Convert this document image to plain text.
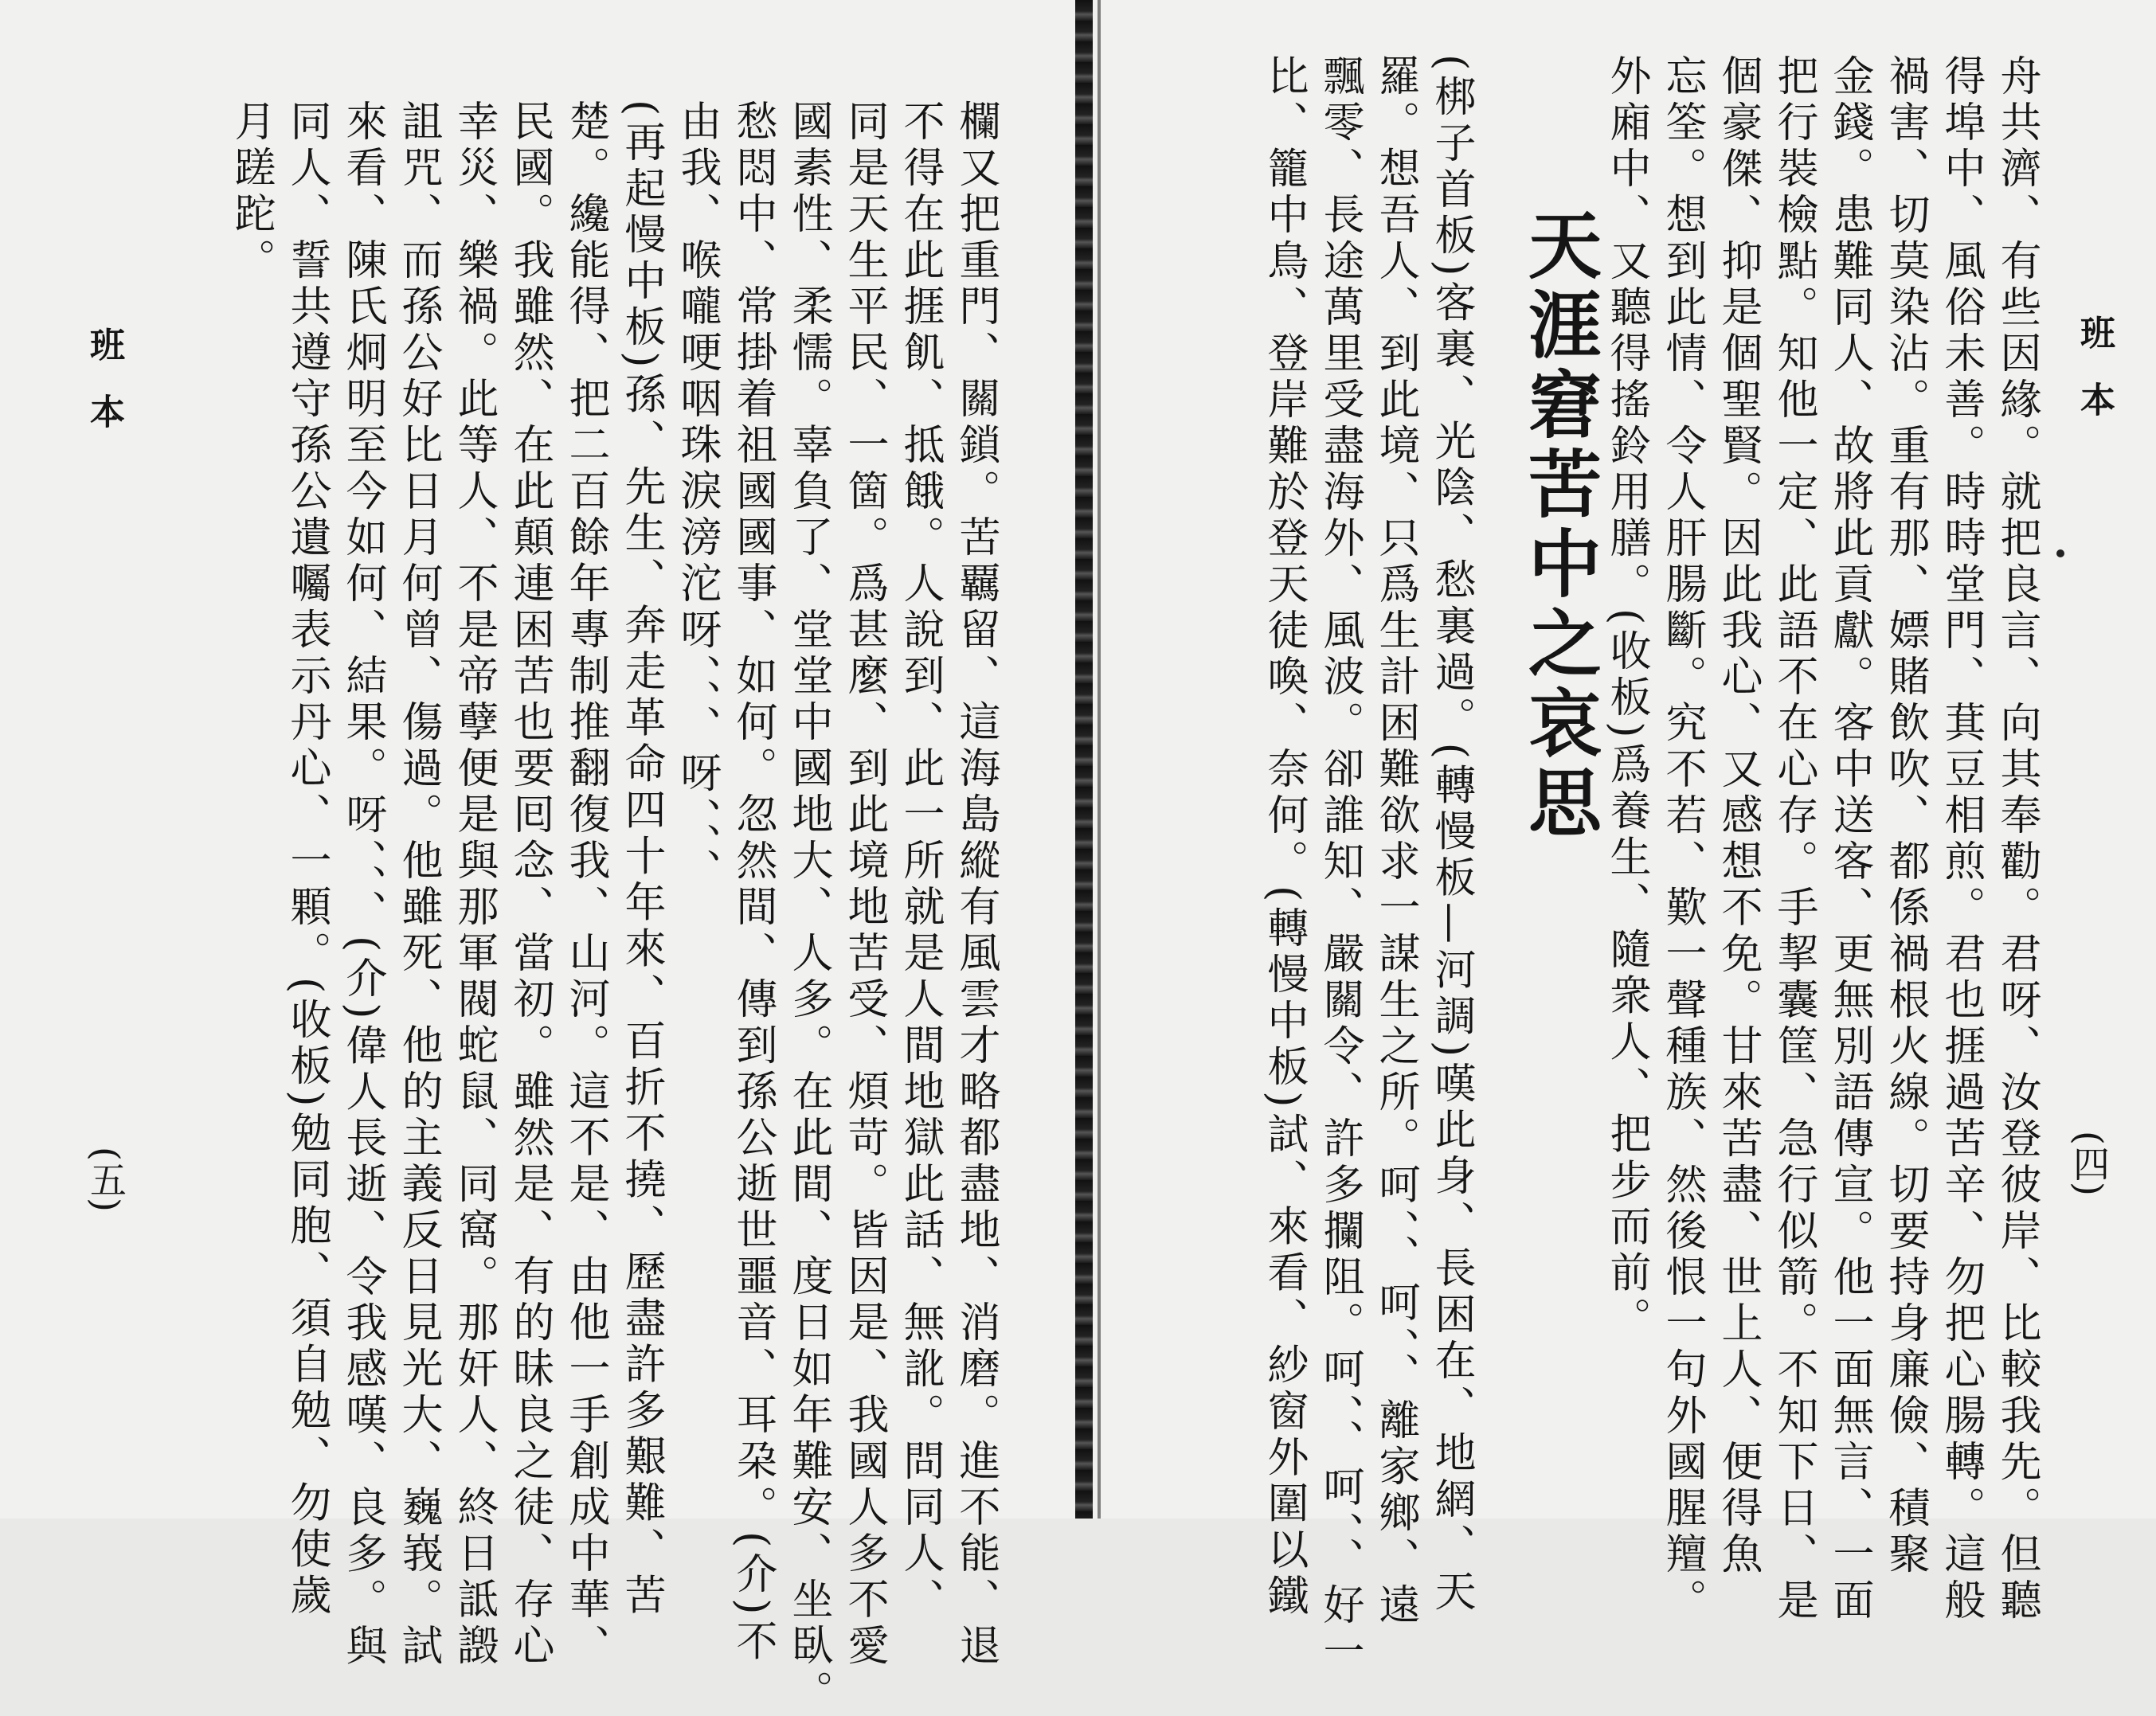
班本
(四)
舟共濟、有些因緣。就把良言、向其奉勸。君呀、汝登彼岸、比較我先。但聽
得埠中、風俗未善。時時堂門、萁豆相煎。君也捱過苦辛、勿把心腸轉。這般
禍害、切莫染沾。重有那、嫖賭飲吹、都係禍根火線。切要持身廉儉、積聚
金錢。患難同人、故將此貢獻。客中送客、更無別語傳宣。他一面無言、一面
把行裝檢點。知他一定、此語不在心存。手挈囊筐、急行似箭。不知下日、是
個豪傑、抑是個聖賢。因此我心、又感想不免。甘來苦盡、世上人、便得魚
忘筌。想到此情、令人肝腸斷。究不若、歎一聲種族、然後恨一句外國腥羶。
外廂中、又聽得搖鈴用膳。(收板)爲養生、隨衆人、把步而前。
天涯窘苦中之哀思
(梆子首板)客裏、光陰、愁裏過。(轉慢板—河調)嘆此身、長困在、地網、天
羅。想吾人、到此境、只爲生計困難欲求一謀生之所。呵、、呵、、離家鄉、遠
飄零、長途萬里受盡海外、風波。卻誰知、嚴關令、許多攔阻。呵、、呵、、好一
比、籠中鳥、登岸難於登天徒喚、奈何。(轉慢中板)試、來看、紗窗外圍以鐵
欄又把重門、關鎖。苦覊留、這海島縱有風雲才略都盡地、消磨。進不能、退
不得在此捱飢、抵餓。人說到、此一所就是人間地獄此話、無訛。問同人、
同是天生平民、一箇。爲甚麼、到此境地苦受、煩苛。皆因是、我國人多不愛
國素性、柔懦。辜負了、堂堂中國地大、人多。在此間、度日如年難安、坐臥。
愁悶中、常掛着祖國國事、如何。忽然間、傳到孫公逝世噩音、耳朶。(介)不
由我、喉嚨哽咽珠淚滂沱呀、、、呀、、、
(再起慢中板)孫、先生、奔走革命四十年來、百折不撓、歷盡許多艱難、苦
楚。纔能得、把二百餘年專制推翻復我、山河。這不是、由他一手創成中華、
民國。我雖然、在此顛連困苦也要囘念、當初。雖然是、有的昧良之徒、存心
幸災、樂禍。此等人、不是帝孽便是與那軍閥蛇鼠、同窩。那奸人、終日詆譭
詛咒、而孫公好比日月何曾、傷過。他雖死、他的主義反日見光大、巍峩。試
來看、陳氏炯明至今如何、結果。呀、、、(介)偉人長逝、令我感嘆、良多。與
同人、誓共遵守孫公遺囑表示丹心、一顆。(收板)勉同胞、須自勉、勿使歲
月蹉跎。
班本
(五)
